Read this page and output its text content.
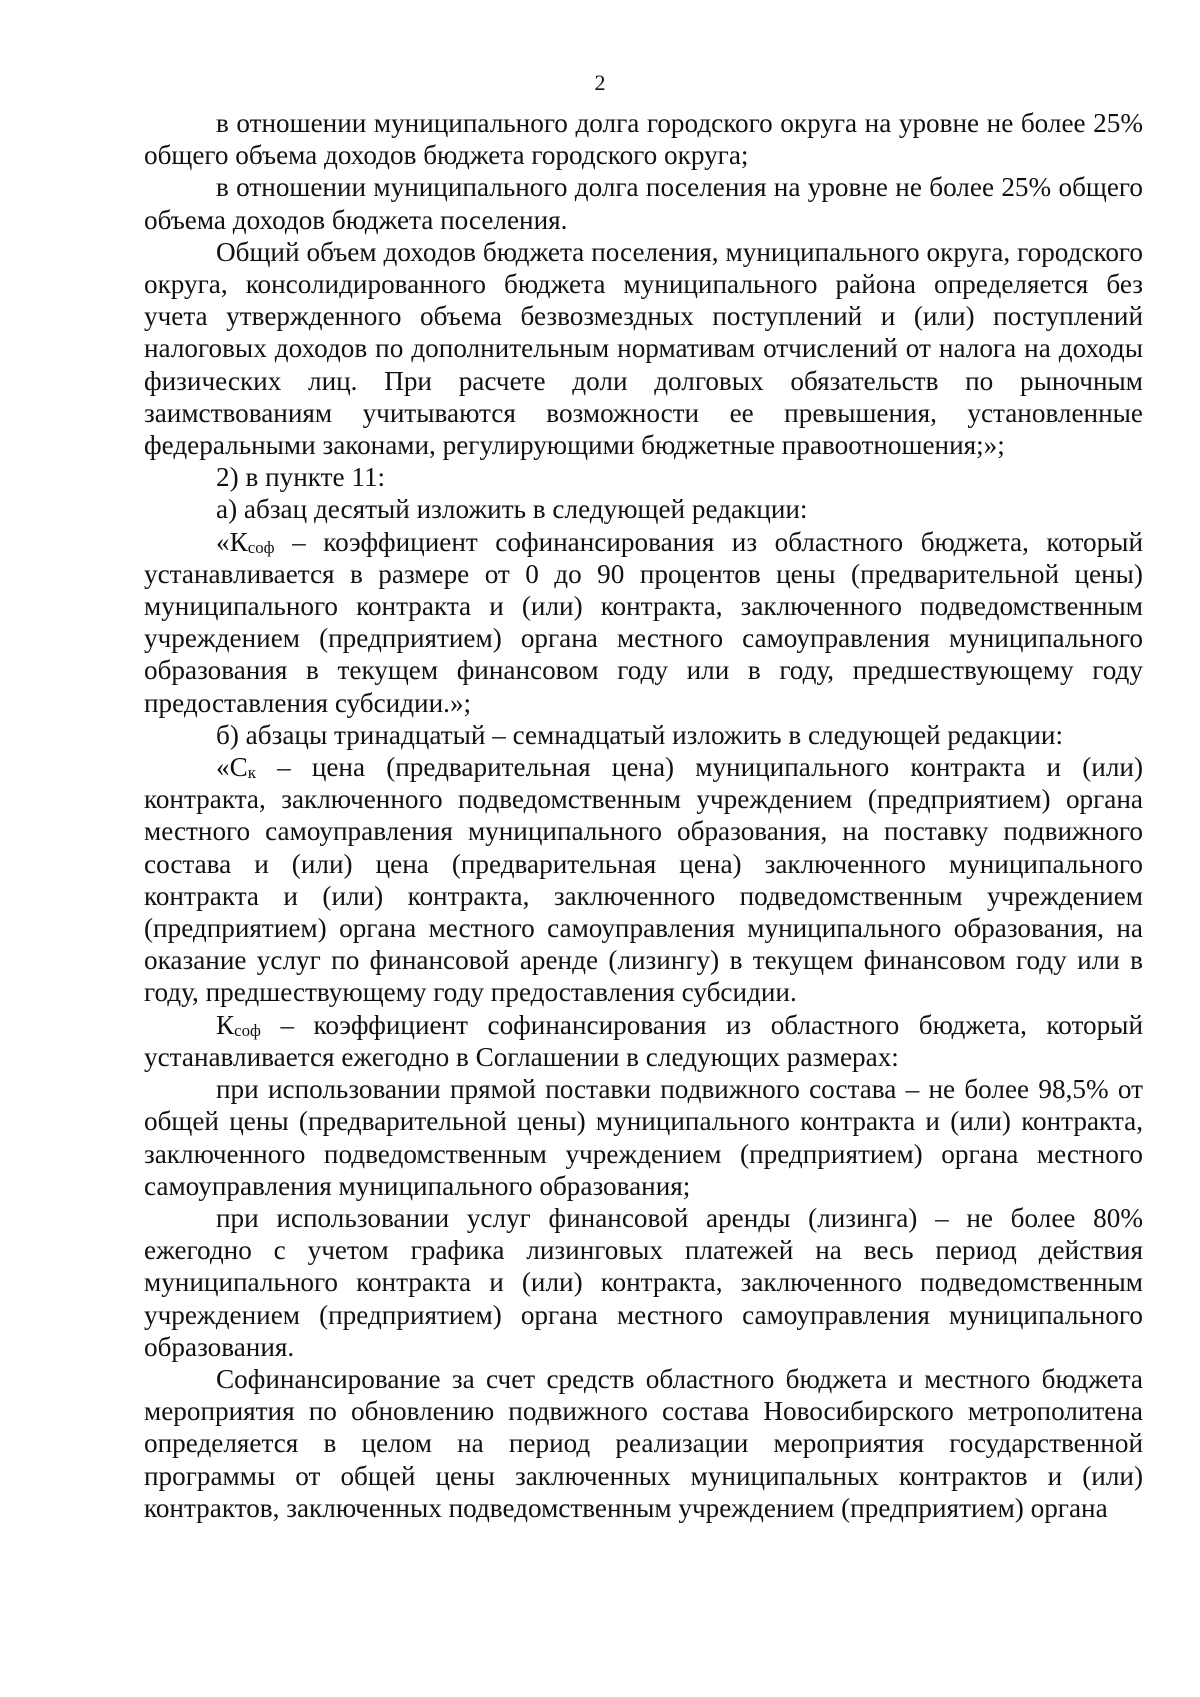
2

в отношении муниципального долга городского округа на уровне не более 25% общего объема доходов бюджета городского округа;

в отношении муниципального долга поселения на уровне не более 25% общего объема доходов бюджета поселения.

Общий объем доходов бюджета поселения, муниципального округа, городского округа, консолидированного бюджета муниципального района определяется без учета утвержденного объема безвозмездных поступлений и (или) поступлений налоговых доходов по дополнительным нормативам отчислений от налога на доходы физических лиц. При расчете доли долговых обязательств по рыночным заимствованиям учитываются возможности ее превышения, установленные федеральными законами, регулирующими бюджетные правоотношения;»;

2) в пункте 11:

а) абзац десятый изложить в следующей редакции:

«Ксоф – коэффициент софинансирования из областного бюджета, который устанавливается в размере от 0 до 90 процентов цены (предварительной цены) муниципального контракта и (или) контракта, заключенного подведомственным учреждением (предприятием) органа местного самоуправления муниципального образования в текущем финансовом году или в году, предшествующему году предоставления субсидии.»;

б) абзацы тринадцатый – семнадцатый изложить в следующей редакции:

«Ск – цена (предварительная цена) муниципального контракта и (или) контракта, заключенного подведомственным учреждением (предприятием) органа местного самоуправления муниципального образования, на поставку подвижного состава и (или) цена (предварительная цена) заключенного муниципального контракта и (или) контракта, заключенного подведомственным учреждением (предприятием) органа местного самоуправления муниципального образования, на оказание услуг по финансовой аренде (лизингу) в текущем финансовом году или в году, предшествующему году предоставления субсидии.

Ксоф – коэффициент софинансирования из областного бюджета, который устанавливается ежегодно в Соглашении в следующих размерах:

при использовании прямой поставки подвижного состава – не более 98,5% от общей цены (предварительной цены) муниципального контракта и (или) контракта, заключенного подведомственным учреждением (предприятием) органа местного самоуправления муниципального образования;

при использовании услуг финансовой аренды (лизинга) – не более 80% ежегодно с учетом графика лизинговых платежей на весь период действия муниципального контракта и (или) контракта, заключенного подведомственным учреждением (предприятием) органа местного самоуправления муниципального образования.

Софинансирование за счет средств областного бюджета и местного бюджета мероприятия по обновлению подвижного состава Новосибирского метрополитена определяется в целом на период реализации мероприятия государственной программы от общей цены заключенных муниципальных контрактов и (или) контрактов, заключенных подведомственным учреждением (предприятием) органа
